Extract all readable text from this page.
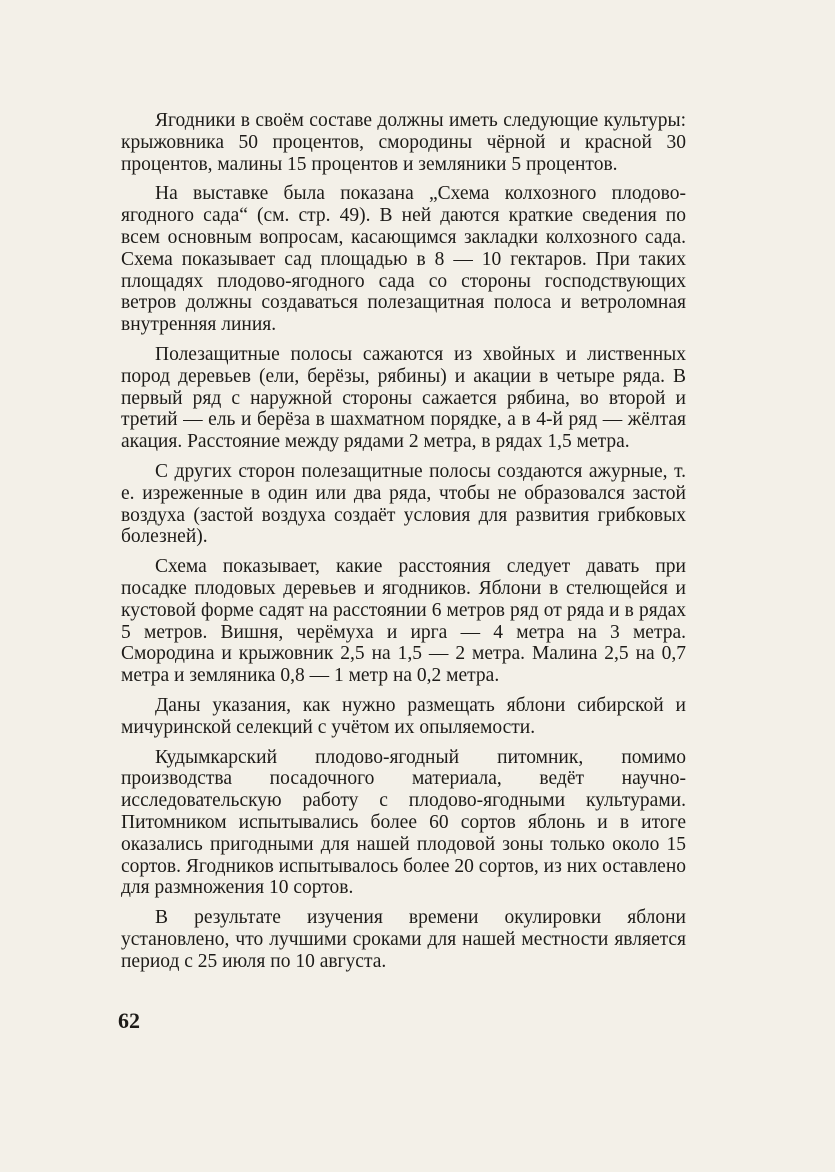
Ягодники в своём составе должны иметь следующие культуры: крыжовника 50 процентов, смородины чёрной и красной 30 процентов, малины 15 процентов и земляники 5 процентов.

На выставке была показана „Схема колхозного плодово-ягодного сада“ (см. стр. 49). В ней даются краткие сведения по всем основным вопросам, касающимся закладки колхозного сада. Схема показывает сад площадью в 8 — 10 гектаров. При таких площадях плодово-ягодного сада со стороны господствующих ветров должны создаваться полезащитная полоса и ветроломная внутренняя линия.

Полезащитные полосы сажаются из хвойных и лиственных пород деревьев (ели, берёзы, рябины) и акации в четыре ряда. В первый ряд с наружной стороны сажается рябина, во второй и третий — ель и берёза в шахматном порядке, а в 4-й ряд — жёлтая акация. Расстояние между рядами 2 метра, в рядах 1,5 метра.

С других сторон полезащитные полосы создаются ажурные, т. е. изреженные в один или два ряда, чтобы не образовался застой воздуха (застой воздуха создаёт условия для развития грибковых болезней).

Схема показывает, какие расстояния следует давать при посадке плодовых деревьев и ягодников. Яблони в стелющейся и кустовой форме садят на расстоянии 6 метров ряд от ряда и в рядах 5 метров. Вишня, черёмуха и ирга — 4 метра на 3 метра. Смородина и крыжовник 2,5 на 1,5 — 2 метра. Малина 2,5 на 0,7 метра и земляника 0,8 — 1 метр на 0,2 метра.

Даны указания, как нужно размещать яблони сибирской и мичуринской селекций с учётом их опыляемости.

Кудымкарский плодово-ягодный питомник, помимо производства посадочного материала, ведёт научно-исследовательскую работу с плодово-ягодными культурами. Питомником испытывались более 60 сортов яблонь и в итоге оказались пригодными для нашей плодовой зоны только около 15 сортов. Ягодников испытывалось более 20 сортов, из них оставлено для размножения 10 сортов.

В результате изучения времени окулировки яблони установлено, что лучшими сроками для нашей местности является период с 25 июля по 10 августа.

62
